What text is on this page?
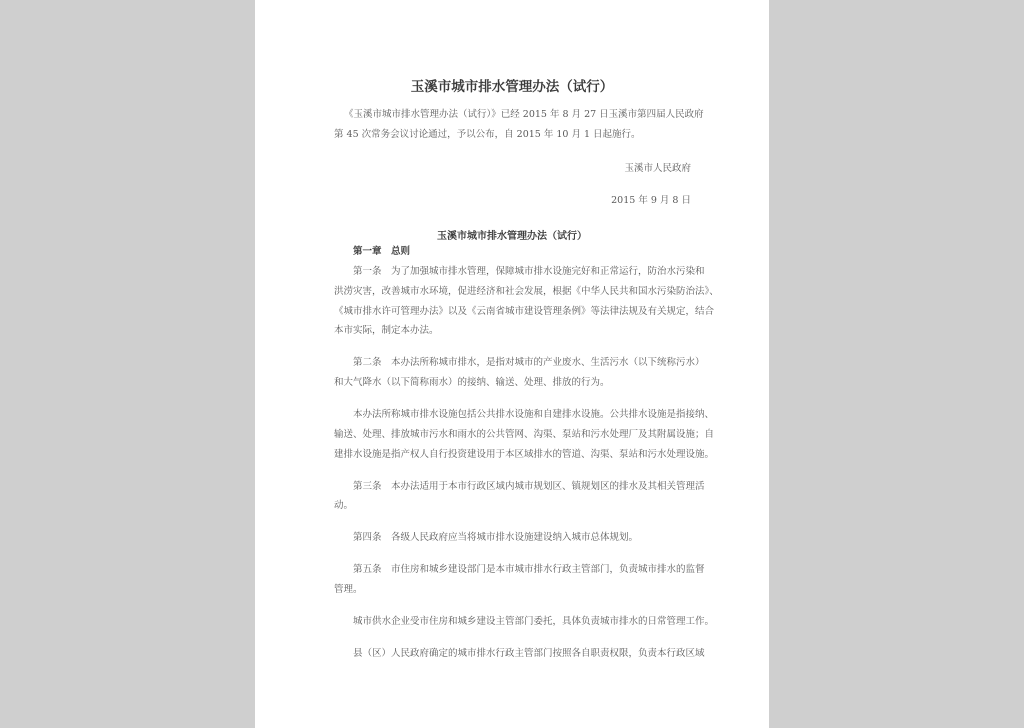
玉溪市城市排水管理办法（试行）
《玉溪市城市排水管理办法（试行）》已经 2015 年 8 月 27 日玉溪市第四届人民政府
第 45 次常务会议讨论通过，予以公布，自 2015 年 10 月 1 日起施行。
玉溪市人民政府
2015 年 9 月 8 日
玉溪市城市排水管理办法（试行）
第一章　总则
第一条　为了加强城市排水管理，保障城市排水设施完好和正常运行，防治水污染和
洪涝灾害，改善城市水环境，促进经济和社会发展，根据《中华人民共和国水污染防治法》、
《城市排水许可管理办法》以及《云南省城市建设管理条例》等法律法规及有关规定，结合
本市实际，制定本办法。
第二条　本办法所称城市排水，是指对城市的产业废水、生活污水（以下统称污水）
和大气降水（以下简称雨水）的接纳、输送、处理、排放的行为。
本办法所称城市排水设施包括公共排水设施和自建排水设施。公共排水设施是指接纳、
输送、处理、排放城市污水和雨水的公共管网、沟渠、泵站和污水处理厂及其附属设施；自
建排水设施是指产权人自行投资建设用于本区域排水的管道、沟渠、泵站和污水处理设施。
第三条　本办法适用于本市行政区域内城市规划区、镇规划区的排水及其相关管理活
动。
第四条　各级人民政府应当将城市排水设施建设纳入城市总体规划。
第五条　市住房和城乡建设部门是本市城市排水行政主管部门，负责城市排水的监督
管理。
城市供水企业受市住房和城乡建设主管部门委托，具体负责城市排水的日常管理工作。
县（区）人民政府确定的城市排水行政主管部门按照各自职责权限，负责本行政区域
